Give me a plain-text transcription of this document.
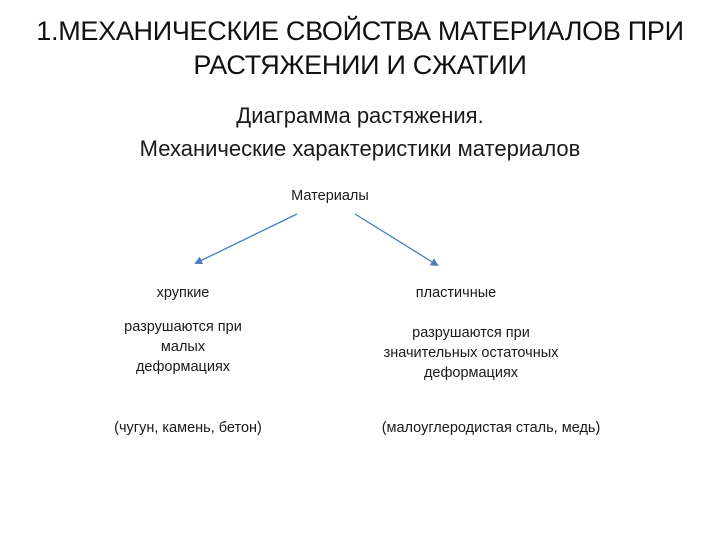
1.МЕХАНИЧЕСКИЕ СВОЙСТВА МАТЕРИАЛОВ ПРИ
РАСТЯЖЕНИИ И СЖАТИИ
Диаграмма растяжения.
Механические характеристики материалов
Материалы
хрупкие
разрушаются при
малых
деформациях
(чугун, камень, бетон)
пластичные
разрушаются при
значительных остаточных
деформациях
(малоуглеродистая сталь, медь)
